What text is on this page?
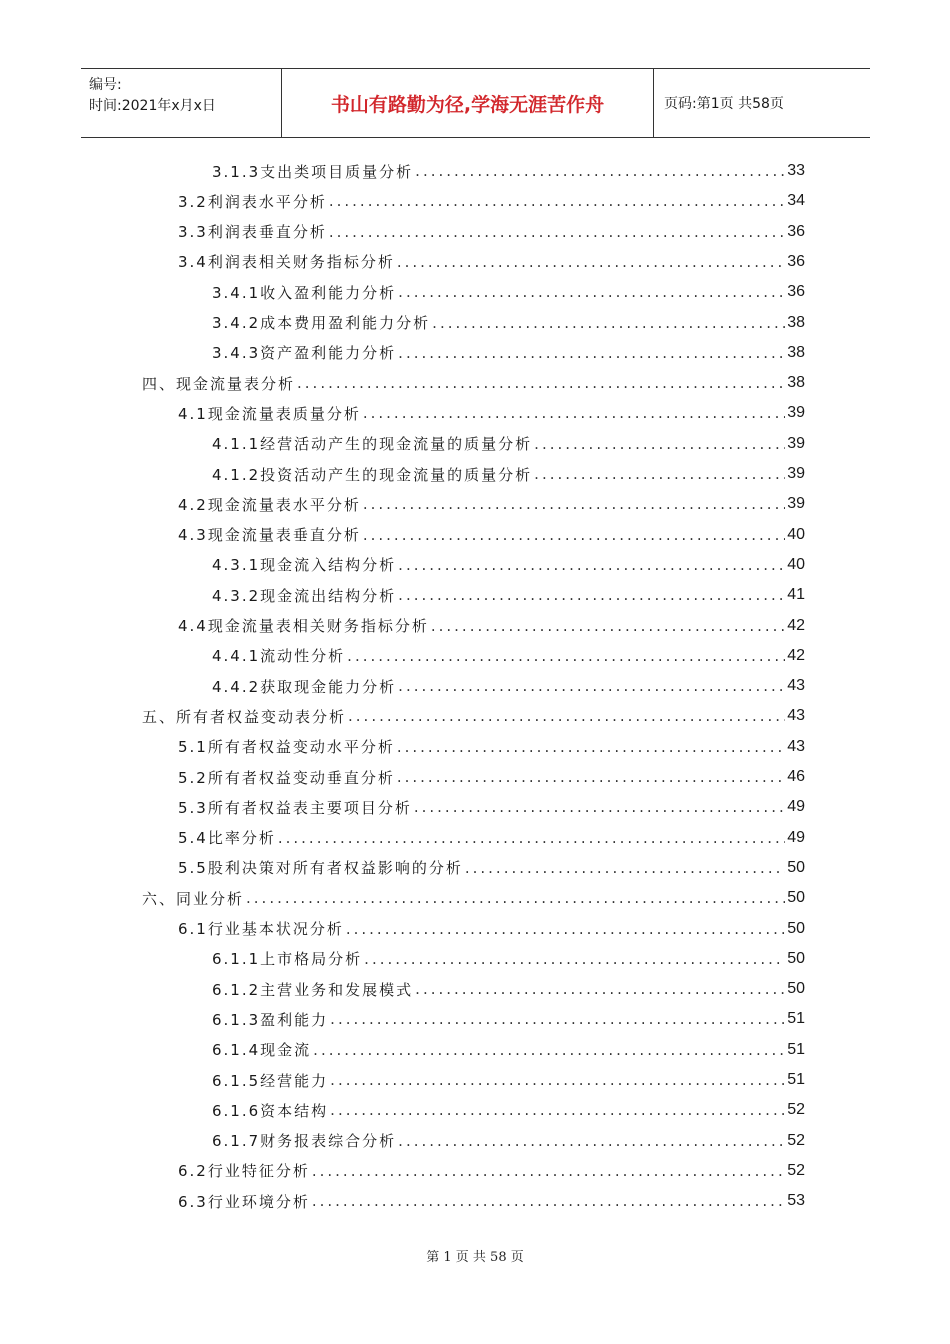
编号:
时间:2021年x月x日	书山有路勤为径,学海无涯苦作舟	页码:第1页 共58页
3.1.3支出类项目质量分析 .....	33
3.2利润表水平分析 .....	34
3.3利润表垂直分析 .....	36
3.4利润表相关财务指标分析 .....	36
3.4.1收入盈利能力分析 .....	36
3.4.2成本费用盈利能力分析 .....	38
3.4.3资产盈利能力分析 .....	38
四、现金流量表分析 .....	38
4.1现金流量表质量分析 .....	39
4.1.1经营活动产生的现金流量的质量分析 .....	39
4.1.2投资活动产生的现金流量的质量分析 .....	39
4.2现金流量表水平分析 .....	39
4.3现金流量表垂直分析 .....	40
4.3.1现金流入结构分析 .....	40
4.3.2现金流出结构分析 .....	41
4.4现金流量表相关财务指标分析 .....	42
4.4.1流动性分析 .....	42
4.4.2获取现金能力分析 .....	43
五、所有者权益变动表分析 .....	43
5.1所有者权益变动水平分析 .....	43
5.2所有者权益变动垂直分析 .....	46
5.3所有者权益表主要项目分析 .....	49
5.4比率分析 .....	49
5.5股利决策对所有者权益影响的分析 .....	50
六、同业分析 .....	50
6.1行业基本状况分析 .....	50
6.1.1上市格局分析 .....	50
6.1.2主营业务和发展模式 .....	50
6.1.3盈利能力 .....	51
6.1.4现金流 .....	51
6.1.5经营能力 .....	51
6.1.6资本结构 .....	52
6.1.7财务报表综合分析 .....	52
6.2行业特征分析 .....	52
6.3行业环境分析 .....	53
第 1 页 共 58 页
